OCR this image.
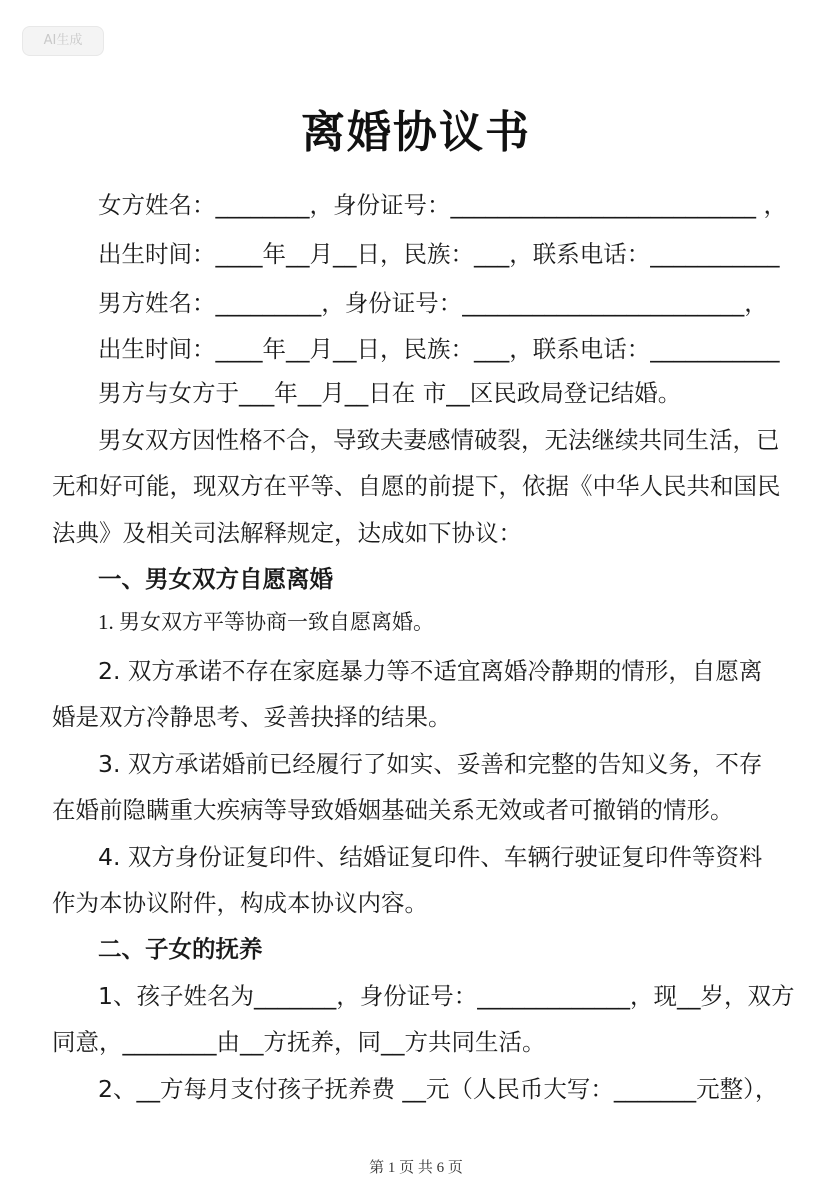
AI生成
离婚协议书
女方姓名：________，身份证号：__________________________ ，
出生时间：____年__月__日，民族：___，联系电话：___________
男方姓名：_________，身份证号：________________________，
出生时间：____年__月__日，民族：___，联系电话：___________
男方与女方于___年__月__日在 市__区民政局登记结婚。
男女双方因性格不合，导致夫妻感情破裂，无法继续共同生活，已
无和好可能，现双方在平等、自愿的前提下，依据《中华人民共和国民
法典》及相关司法解释规定，达成如下协议：
一、男女双方自愿离婚
1. 男女双方平等协商一致自愿离婚。
2. 双方承诺不存在家庭暴力等不适宜离婚冷静期的情形，自愿离
婚是双方冷静思考、妥善抉择的结果。
3. 双方承诺婚前已经履行了如实、妥善和完整的告知义务，不存
在婚前隐瞒重大疾病等导致婚姻基础关系无效或者可撤销的情形。
4. 双方身份证复印件、结婚证复印件、车辆行驶证复印件等资料
作为本协议附件，构成本协议内容。
二、子女的抚养
1、孩子姓名为_______，身份证号：_____________，现__岁，双方
同意，________由__方抚养，同__方共同生活。
2、__方每月支付孩子抚养费 __元（人民币大写：_______元整），
第 1 页 共 6 页
